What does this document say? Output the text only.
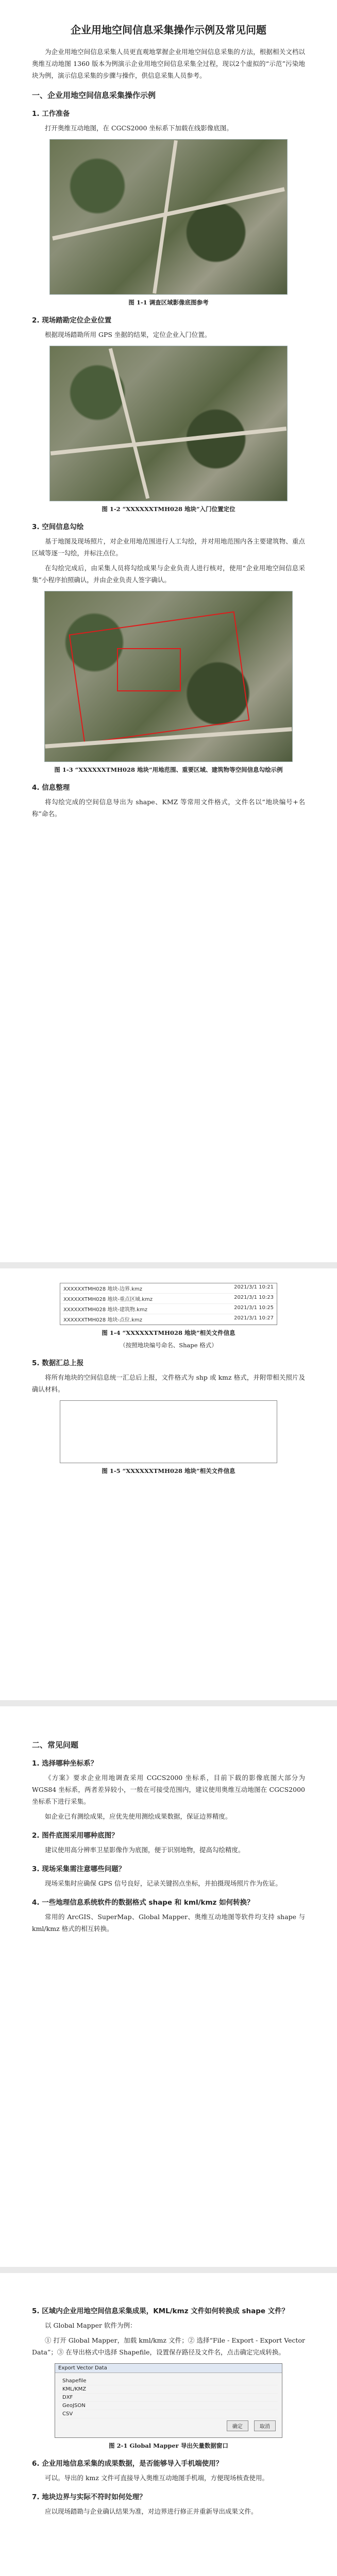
企业用地空间信息采集操作示例及常见问题

为企业用地空间信息采集人员更直观地掌握企业用地空间信息采集的方法，根据相关文档以奥维互动地图 1360 版本为例演示企业用地空间信息采集全过程，现以2个虚拟的“示范”污染地块为例，演示信息采集的步骤与操作，供信息采集人员参考。

一、企业用地空间信息采集操作示例
1. 工作准备

打开奥维互动地图，在 CGCS2000 坐标系下加载在线影像底图。

图 1-1 调查区域影像底图参考
2. 现场踏勘定位企业位置

根据现场踏勘所用 GPS 坐据的结果，定位企业入门位置。

图 1-2 “XXXXXXTMH028 地块”入门位置定位
3. 空间信息勾绘

基于地图及现场照片，对企业用地范围进行人工勾绘，并对用地范围内各主要建筑物、重点区域等逐一勾绘，并标注点位。

在勾绘完成后，由采集人员将勾绘成果与企业负责人进行核对，使用“企业用地空间信息采集”小程序拍照确认，并由企业负责人签字确认。

图 1-3 “XXXXXXTMH028 地块”用地范围、重要区域、建筑物等空间信息勾绘示例
4. 信息整理

将勾绘完成的空间信息导出为 shape、KMZ 等常用文件格式，文件名以“地块编号+名称”命名。

XXXXXXTMH028 地块-边界.kmz	2021/3/1 10:21
XXXXXXTMH028 地块-重点区域.kmz	2021/3/1 10:23
XXXXXXTMH028 地块-建筑物.kmz	2021/3/1 10:25
XXXXXXTMH028 地块-点位.kmz	2021/3/1 10:27
图 1-4 “XXXXXXTMH028 地块”相关文件信息
（按照地块编号命名、Shape 格式）
5. 数据汇总上报

将所有地块的空间信息统一汇总后上报，文件格式为 shp 或 kmz 格式，并附带相关照片及确认材料。

图 1-5 “XXXXXXTMH028 地块”相关文件信息
二、常见问题
1. 选择哪种坐标系？

《方案》要求企业用地调查采用 CGCS2000 坐标系，目前下载的影像底图大部分为 WGS84 坐标系，两者差异较小，一般在可接受范围内，建议使用奥维互动地图在 CGCS2000 坐标系下进行采集。

如企业已有测绘成果，应优先使用测绘成果数据，保证边界精度。

2. 图件底图采用哪种底图？

建议使用高分辨率卫星影像作为底图，便于识别地物，提高勾绘精度。

3. 现场采集需注意哪些问题？

现场采集时应确保 GPS 信号良好，记录关键拐点坐标，并拍摄现场照片作为佐证。

4. 一些地理信息系统软件的数据格式 shape 和 kml/kmz 如何转换？

常用的 ArcGIS、SuperMap、Global Mapper、奥维互动地图等软件均支持 shape 与 kml/kmz 格式的相互转换。

5. 区域内企业用地空间信息采集成果，KML/kmz 文件如何转换成 shape 文件？

以 Global Mapper 软件为例：

① 打开 Global Mapper，加载 kml/kmz 文件；② 选择“File - Export - Export Vector Data”；③ 在导出格式中选择 Shapefile，设置保存路径及文件名，点击确定完成转换。

Export Vector Data
Shapefile
KML/KMZ
DXF
GeoJSON
CSV
确定	取消
图 2-1 Global Mapper 导出矢量数据窗口
6. 企业用地信息采集的成果数据，是否能够导入手机端使用？

可以。导出的 kmz 文件可直接导入奥维互动地图手机端，方便现场核查使用。

7. 地块边界与实际不符时如何处理？

应以现场踏勘与企业确认结果为准，对边界进行修正并重新导出成果文件。
